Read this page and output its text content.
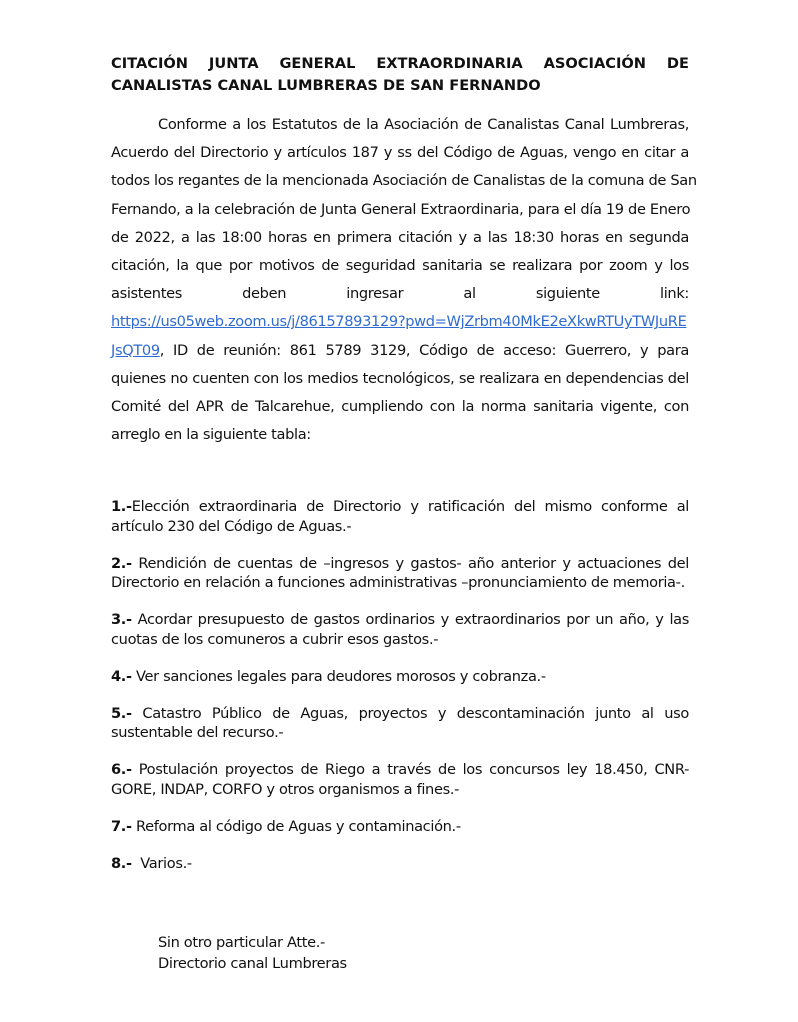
CITACIÓN JUNTA GENERAL EXTRAORDINARIA ASOCIACIÓN DE
CANALISTAS CANAL LUMBRERAS DE SAN FERNANDO
Conforme a los Estatutos de la Asociación de Canalistas Canal Lumbreras,
Acuerdo del Directorio y artículos 187 y ss del Código de Aguas, vengo en citar a
todos los regantes de la mencionada Asociación de Canalistas de la comuna de San
Fernando, a la celebración de Junta General Extraordinaria, para el día 19 de Enero
de 2022, a las 18:00 horas en primera citación y a las 18:30 horas en segunda
citación, la que por motivos de seguridad sanitaria se realizara por zoom y los
asistentes deben ingresar al siguiente link:
https://us05web.zoom.us/j/86157893129?pwd=WjZrbm40MkE2eXkwRTUyTWJuRE
JsQT09, ID de reunión: 861 5789 3129, Código de acceso: Guerrero, y para
quienes no cuenten con los medios tecnológicos, se realizara en dependencias del
Comité del APR de Talcarehue, cumpliendo con la norma sanitaria vigente, con
arreglo en la siguiente tabla:
1.-Elección extraordinaria de Directorio y ratificación del mismo conforme al
artículo 230 del Código de Aguas.-
2.- Rendición de cuentas de –ingresos y gastos- año anterior y actuaciones del
Directorio en relación a funciones administrativas –pronunciamiento de memoria-.
3.- Acordar presupuesto de gastos ordinarios y extraordinarios por un año, y las
cuotas de los comuneros a cubrir esos gastos.-
4.- Ver sanciones legales para deudores morosos y cobranza.-
5.- Catastro Público de Aguas, proyectos y descontaminación junto al uso
sustentable del recurso.-
6.- Postulación proyectos de Riego a través de los concursos ley 18.450, CNR-
GORE, INDAP, CORFO y otros organismos a fines.-
7.- Reforma al código de Aguas y contaminación.-
8.-  Varios.-
Sin otro particular Atte.-
Directorio canal Lumbreras
